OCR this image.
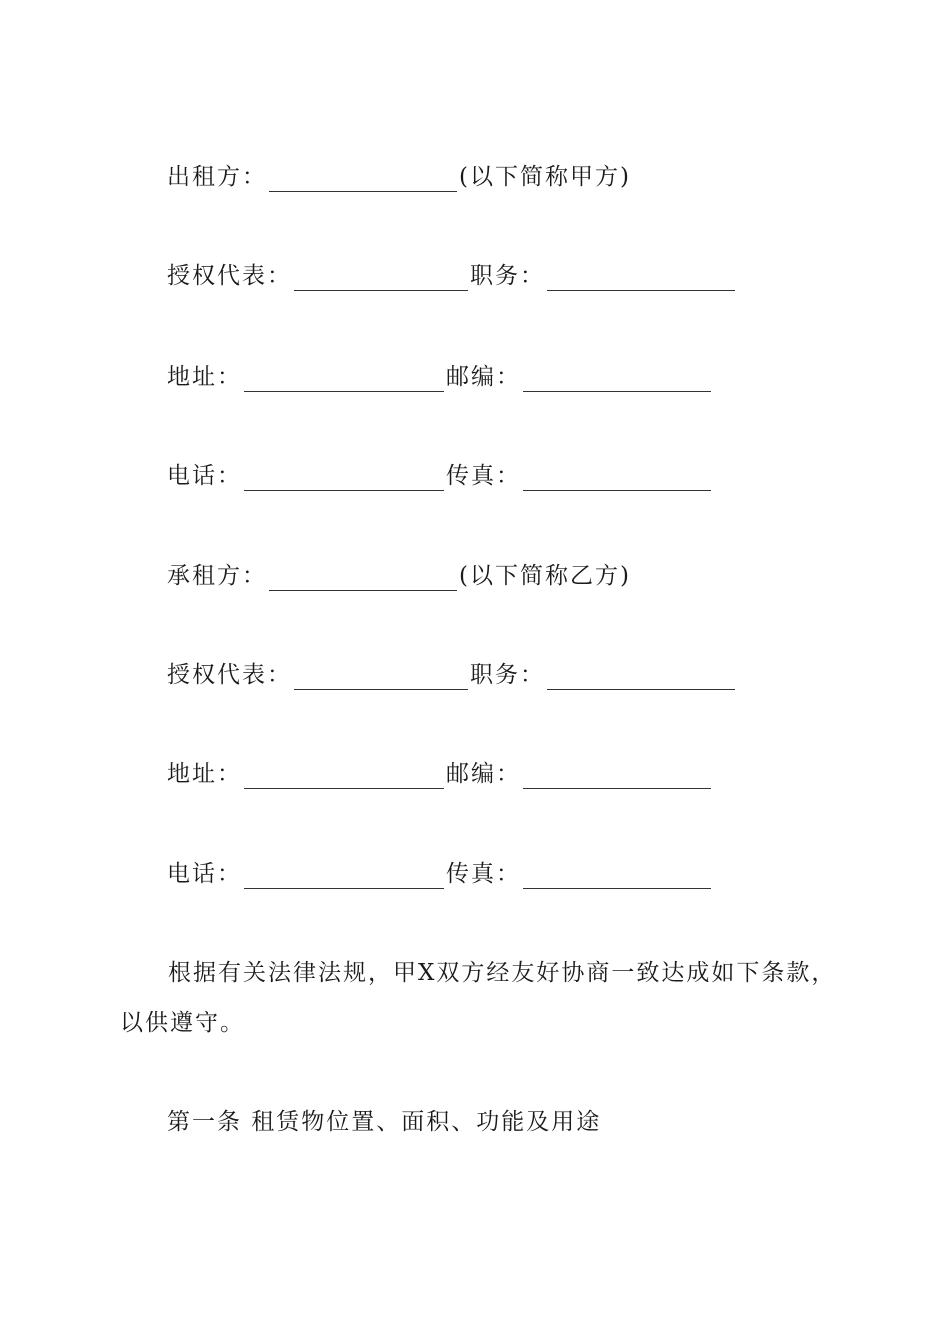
出租方：	(以下简称甲方)
授权代表：	职务：
地址：	邮编：
电话：	传真：
承租方：	(以下简称乙方)
授权代表：	职务：
地址：	邮编：
电话：	传真：
根据有关法律法规，甲X双方经友好协商一致达成如下条款，
以供遵守。
第一条 租赁物位置、面积、功能及用途
